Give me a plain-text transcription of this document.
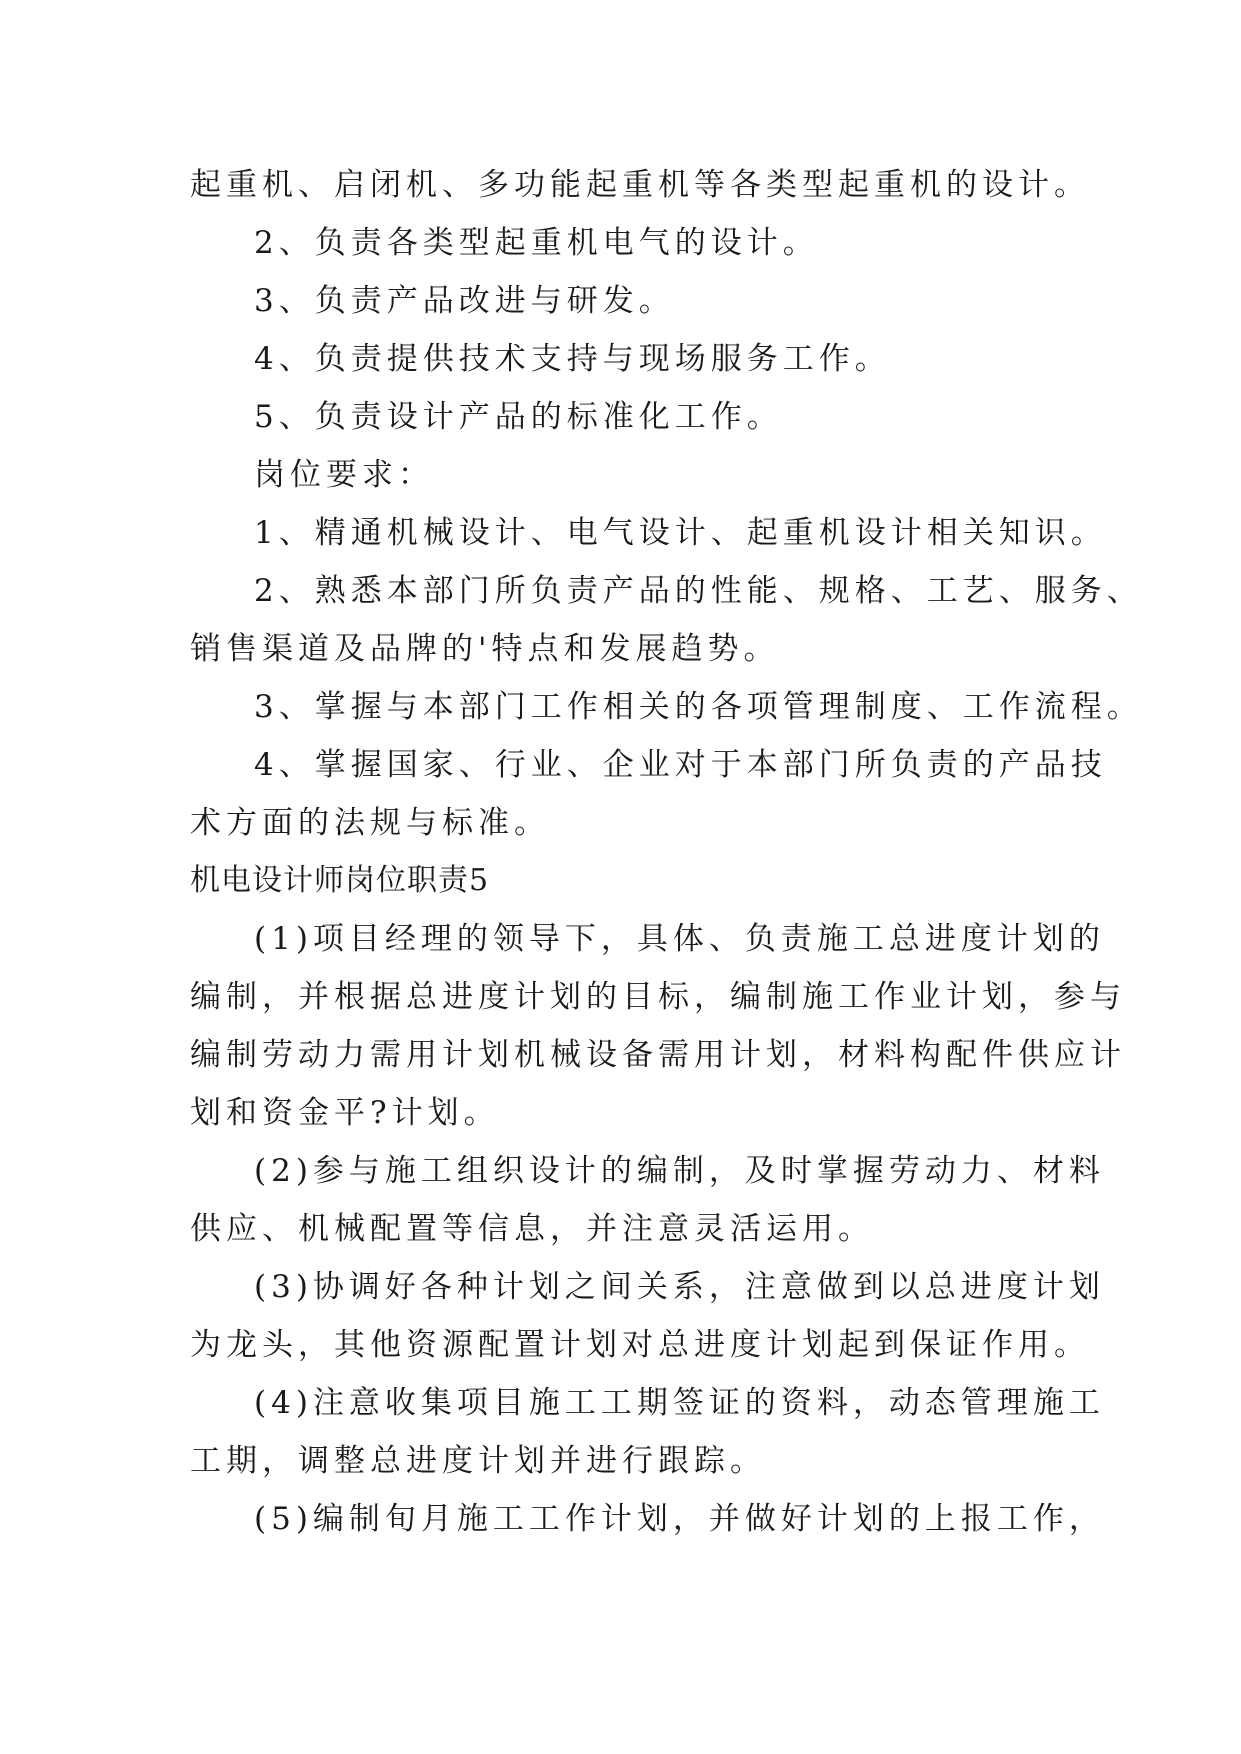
起重机、启闭机、多功能起重机等各类型起重机的设计。
2、负责各类型起重机电气的设计。
3、负责产品改进与研发。
4、负责提供技术支持与现场服务工作。
5、负责设计产品的标准化工作。
岗位要求：
1、精通机械设计、电气设计、起重机设计相关知识。
2、熟悉本部门所负责产品的性能、规格、工艺、服务、
销售渠道及品牌的'特点和发展趋势。
3、掌握与本部门工作相关的各项管理制度、工作流程。
4、掌握国家、行业、企业对于本部门所负责的产品技
术方面的法规与标准。
机电设计师岗位职责5
(1)项目经理的领导下，具体、负责施工总进度计划的
编制，并根据总进度计划的目标，编制施工作业计划，参与
编制劳动力需用计划机械设备需用计划，材料构配件供应计
划和资金平?计划。
(2)参与施工组织设计的编制，及时掌握劳动力、材料
供应、机械配置等信息，并注意灵活运用。
(3)协调好各种计划之间关系，注意做到以总进度计划
为龙头，其他资源配置计划对总进度计划起到保证作用。
(4)注意收集项目施工工期签证的资料，动态管理施工
工期，调整总进度计划并进行跟踪。
(5)编制旬月施工工作计划，并做好计划的上报工作，
